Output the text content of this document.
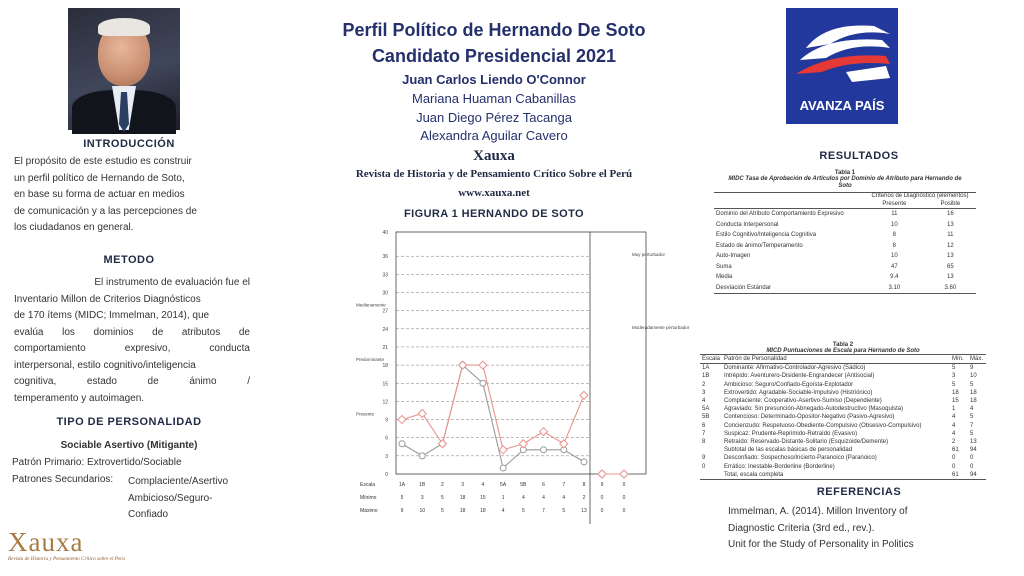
INTRODUCCIÓN
El propósito de este estudio es construir
un perfil político de Hernando de Soto,
en base su forma de actuar en medios
de comunicación y a las percepciones de
los ciudadanos en general.
METODO
El instrumento de evaluación fue el
Inventario Millon de Criterios Diagnósticos
de 170 ítems (MIDC; Immelman, 2014), que
evalúa los dominios de atributos de
comportamiento expresivo, conducta
interpersonal, estilo cognitivo/inteligencia
cognitiva, estado de ánimo /
temperamento y autoimagen.
TIPO DE PERSONALIDAD
Sociable Asertivo (Mitigante)
Patrón Primario: Extrovertido/Sociable
Patrones Secundarios: Complaciente/Asertivo
Ambicioso/Seguro-
Confiado
Xauxa
Revista de Historia y Pensamiento Crítico sobre el Perú
Perfil Político de Hernando De Soto
Candidato Presidencial 2021
Juan Carlos Liendo O'Connor
Mariana Huaman Cabanillas
Juan Diego Pérez Tacanga
Alexandra Aguilar Cavero
Xauxa
Revista de Historia y de Pensamiento Crítico Sobre el Perú
www.xauxa.net
FIGURA 1 HERNANDO DE SOTO
40
36
33
30
27
24
21
18
15
12
9
6
3
0
Medianamente
Predominante
Presente
Muy perturbador
Moderadamente perturbador
Escala
Mínimo
Máximo
1A	1B	2	3	4	5A	5B	6	7	8	9	0
5	3	5	18	15	1	4	4	4	2	0	0
9	10	5	18	18	4	5	7	5	13	0	0
AVANZA PAÍS
RESULTADOS
Tabla 1
MIDC Tasa de Aprobación de Artículos por Dominio de Atributo para Hernando de Soto
	Criterios de Diagnóstico (elementos)	
	Presente	Posible
Dominio del Atributo Comportamiento Expresivo	11	16
Conducta Interpersonal	10	13
Estilo Cognitivo/Inteligencia Cognitiva	8	11
Estado de ánimo/Temperamento	8	12
Auto-Imagen	10	13
Suma	47	65
Media	9.4	13
Desviación Estándar	3.10	3.60
Tabla 2
MICD Puntuaciones de Escala para Hernando de Soto
Escala	Patrón de Personalidad	Mín.	Máx.
1A	Dominante: Afirmativo-Controlador-Agresivo (Sádico)	5	9
1B	Intrépido: Aventurero-Disidente-Engrandecer (Antisocial)	3	10
2	Ambicioso: Seguro/Confiado-Egoísta-Explotador	5	5
3	Extrovertido: Agradable-Sociable-Impulsivo (Histriónico)	18	18
4	Complaciente: Cooperativo-Asertivo-Sumiso (Dependiente)	15	18
5A	Agraviado: Sin presunción-Abnegado-Autodestructivo (Masoquista)	1	4
5B	Contencioso: Determinado-Opositor-Negativo (Pasivo-Agresivo)	4	5
6	Concienzudo: Respetuoso-Obediente-Compulsivo (Obsesivo-Compulsivo)	4	7
7	Suspicaz: Prudente-Reprimido-Retraído (Evasivo)	4	5
8	Retraído: Reservado-Distante-Solitario (Esquizoide/Demente)	2	13
	Subtotal de las escalas básicas de personalidad	61	94
9	Desconfiado: Sospechoso/Incierto-Paranoico (Paranoico)	0	0
0	Errático: Inestable-Borderline (Borderline)	0	0
	Total, escala completa	61	94
REFERENCIAS
Immelman, A. (2014). Millon Inventory of
Diagnostic Criteria (3rd ed., rev.).
Unit for the Study of Personality in Politics
